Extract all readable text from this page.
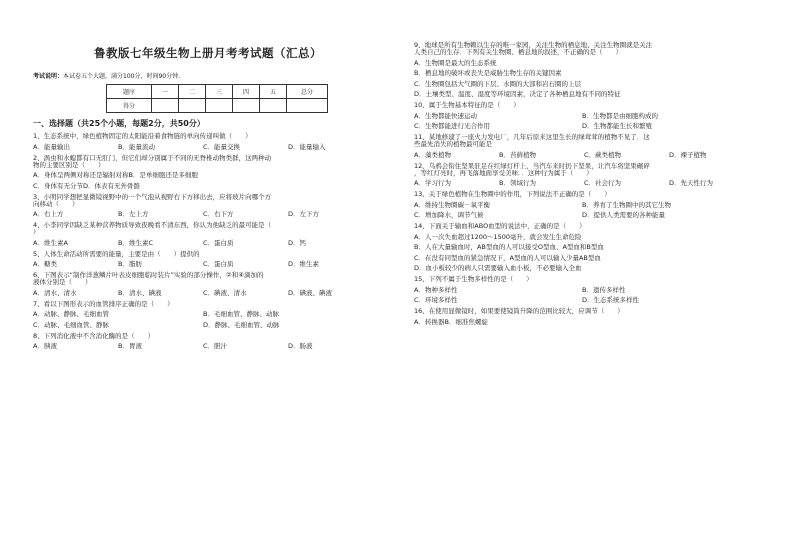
鲁教版七年级生物上册月考考试题（汇总）
考试说明：本试卷五个大题，满分100分，时间90分钟.
题序	一	二	三	四	五	总分
得分						
一、选择题（共25个小题，每题2分，共50分）
1、生态系统中，绿色植物固定的太阳能沿着食物链的单向传递叫做（　　）
A．能量输出	B．能量流动	C．能量交换	D．能量输入
2、涡虫和水螅都有口无肛门，但它们却分别属于不同的无脊椎动物类群，这两种动
物的主要区别是（　　）
A．身体呈两侧对称还是辐射对称B．是单细胞还是多细胞
C．身体有无分节D．体表有无外骨骼
3、小明同学想把显微镜视野中的一个气泡从视野右下方移出去，应将玻片向哪个方
向移动（　　）
A．右上方	B．左上方	C．右下方	D．左下方
4、小李同学因缺乏某种营养物质导致夜晚看不清东西，你认为他缺乏的最可能是（
）
A．维生素A	B．维生素C	C．蛋白质	D．钙
5、人体生命活动所需要的能量，主要是由（　　）提供的
A．糖类	B．脂肪	C．蛋白质	D．维生素
6、下图表示“制作洋葱鳞片叶表皮细胞临时装片”实验的部分操作，②和④滴加的
液体分别是（　　）
A．清水、清水	B．清水、碘液	C．碘液、清水	D．碘液、碘液
7、看以下图形表示的血管排序正确的是（　　）
A．动脉、静脉、毛细血管	B．毛细血管、静脉、动脉
C．动脉、毛细血管、静脉	D．静脉、毛细血管、动脉
8、下列消化液中不含消化酶的是（　　）
A．胰液	B．胃液	C．胆汁	D．肠液
9、地球是所有生物赖以生存的唯一家园，关注生物的栖息地、关注生物圈就是关注
人类自己的生存．下列有关生物圈、栖息地的叙述，不正确的是（　　）
A．生物圈是最大的生态系统
B．栖息地的破坏或丧失是威胁生物生存的关键因素
C．生物圈包括大气圈的下层、水圈的大部和岩石圈的上层
D．土壤类型、温度、湿度等环境因素，决定了各种栖息地有不同的特征
10、属于生物基本特征的是（　　）
A．生物都能快速运动	B．生物都是由细胞构成的
C．生物都能进行光合作用	D．生物都能生长和繁殖
11、某地修建了一座火力发电厂，几年后原来这里生长的绿茸茸的植物不见了．这
些最先消失的植物最可能是
A．藻类植物	B．苔藓植物	C．蕨类植物	D．裸子植物
12、乌鸦会衔住坚果驻足在红绿灯杆上，当汽车来时扔下坚果，让汽车将坚果碾碎
，等红灯亮时，再飞落地面享受美味．．这种行为属于（　　）
A．学习行为	B．领域行为	C．社会行为	D．先天性行为
13、关于绿色植物在生物圈中的作用，下列说法不正确的是（　　）
A．维持生物圈碳－氧平衡	B．养育了生物圈中的其它生物
C．增加降水，调节气候	D．提供人类需要的各种能量
14、下面关于输血和ABO血型的说法中，正确的是（　　）
A．人一次失血超过1200～1500毫升，就会发生生命危险
B．人在大量输血时，AB型血的人可以接受O型血、A型血和B型血
C．在没有同型血的紧急情况下，A型血的人可以输入少量AB型血
D．血小板较少的病人只需要输入血小板，不必要输入全血
15、下列不属于生物多样性的是（　　）
A．物种多样性	B．遗传多样性
C．环境多样性	D．生态系统多样性
16、在使用显微镜时，如果要使镜筒升降的范围比较大，应调节（　　）
A．转换器B．细准焦螺旋
